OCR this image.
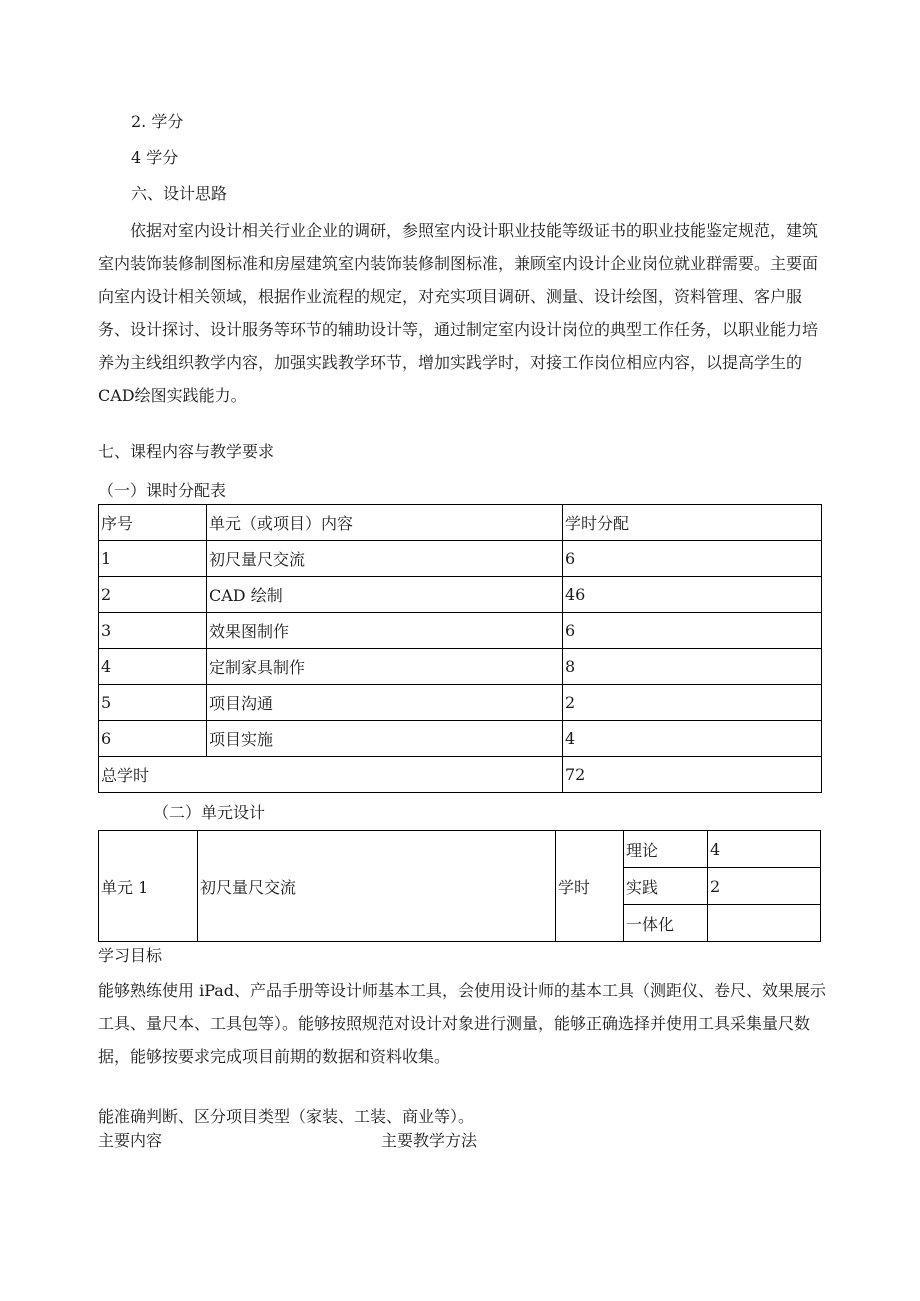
2. 学分
4 学分
六、设计思路

依据对室内设计相关行业企业的调研，参照室内设计职业技能等级证书的职业技能鉴定规范，建筑室内装饰装修制图标准和房屋建筑室内装饰装修制图标准，兼顾室内设计企业岗位就业群需要。主要面向室内设计相关领域，根据作业流程的规定，对充实项目调研、测量、设计绘图，资料管理、客户服务、设计探讨、设计服务等环节的辅助设计等，通过制定室内设计岗位的典型工作任务，以职业能力培养为主线组织教学内容，加强实践教学环节，增加实践学时，对接工作岗位相应内容，以提高学生的CAD绘图实践能力。

七、课程内容与教学要求
（一）课时分配表
序号	单元（或项目）内容	学时分配
1	初尺量尺交流	6
2	CAD 绘制	46
3	效果图制作	6
4	定制家具制作	8
5	项目沟通	2
6	项目实施	4
总学时		72
（二）单元设计
单元 1	初尺量尺交流	学时	理论	4
			实践	2
			一体化	
学习目标

能够熟练使用 iPad、产品手册等设计师基本工具，会使用设计师的基本工具（测距仪、卷尺、效果展示工具、量尺本、工具包等）。能够按照规范对设计对象进行测量，能够正确选择并使用工具采集量尺数据，能够按要求完成项目前期的数据和资料收集。

能准确判断、区分项目类型（家装、工装、商业等）。
主要内容	主要教学方法
